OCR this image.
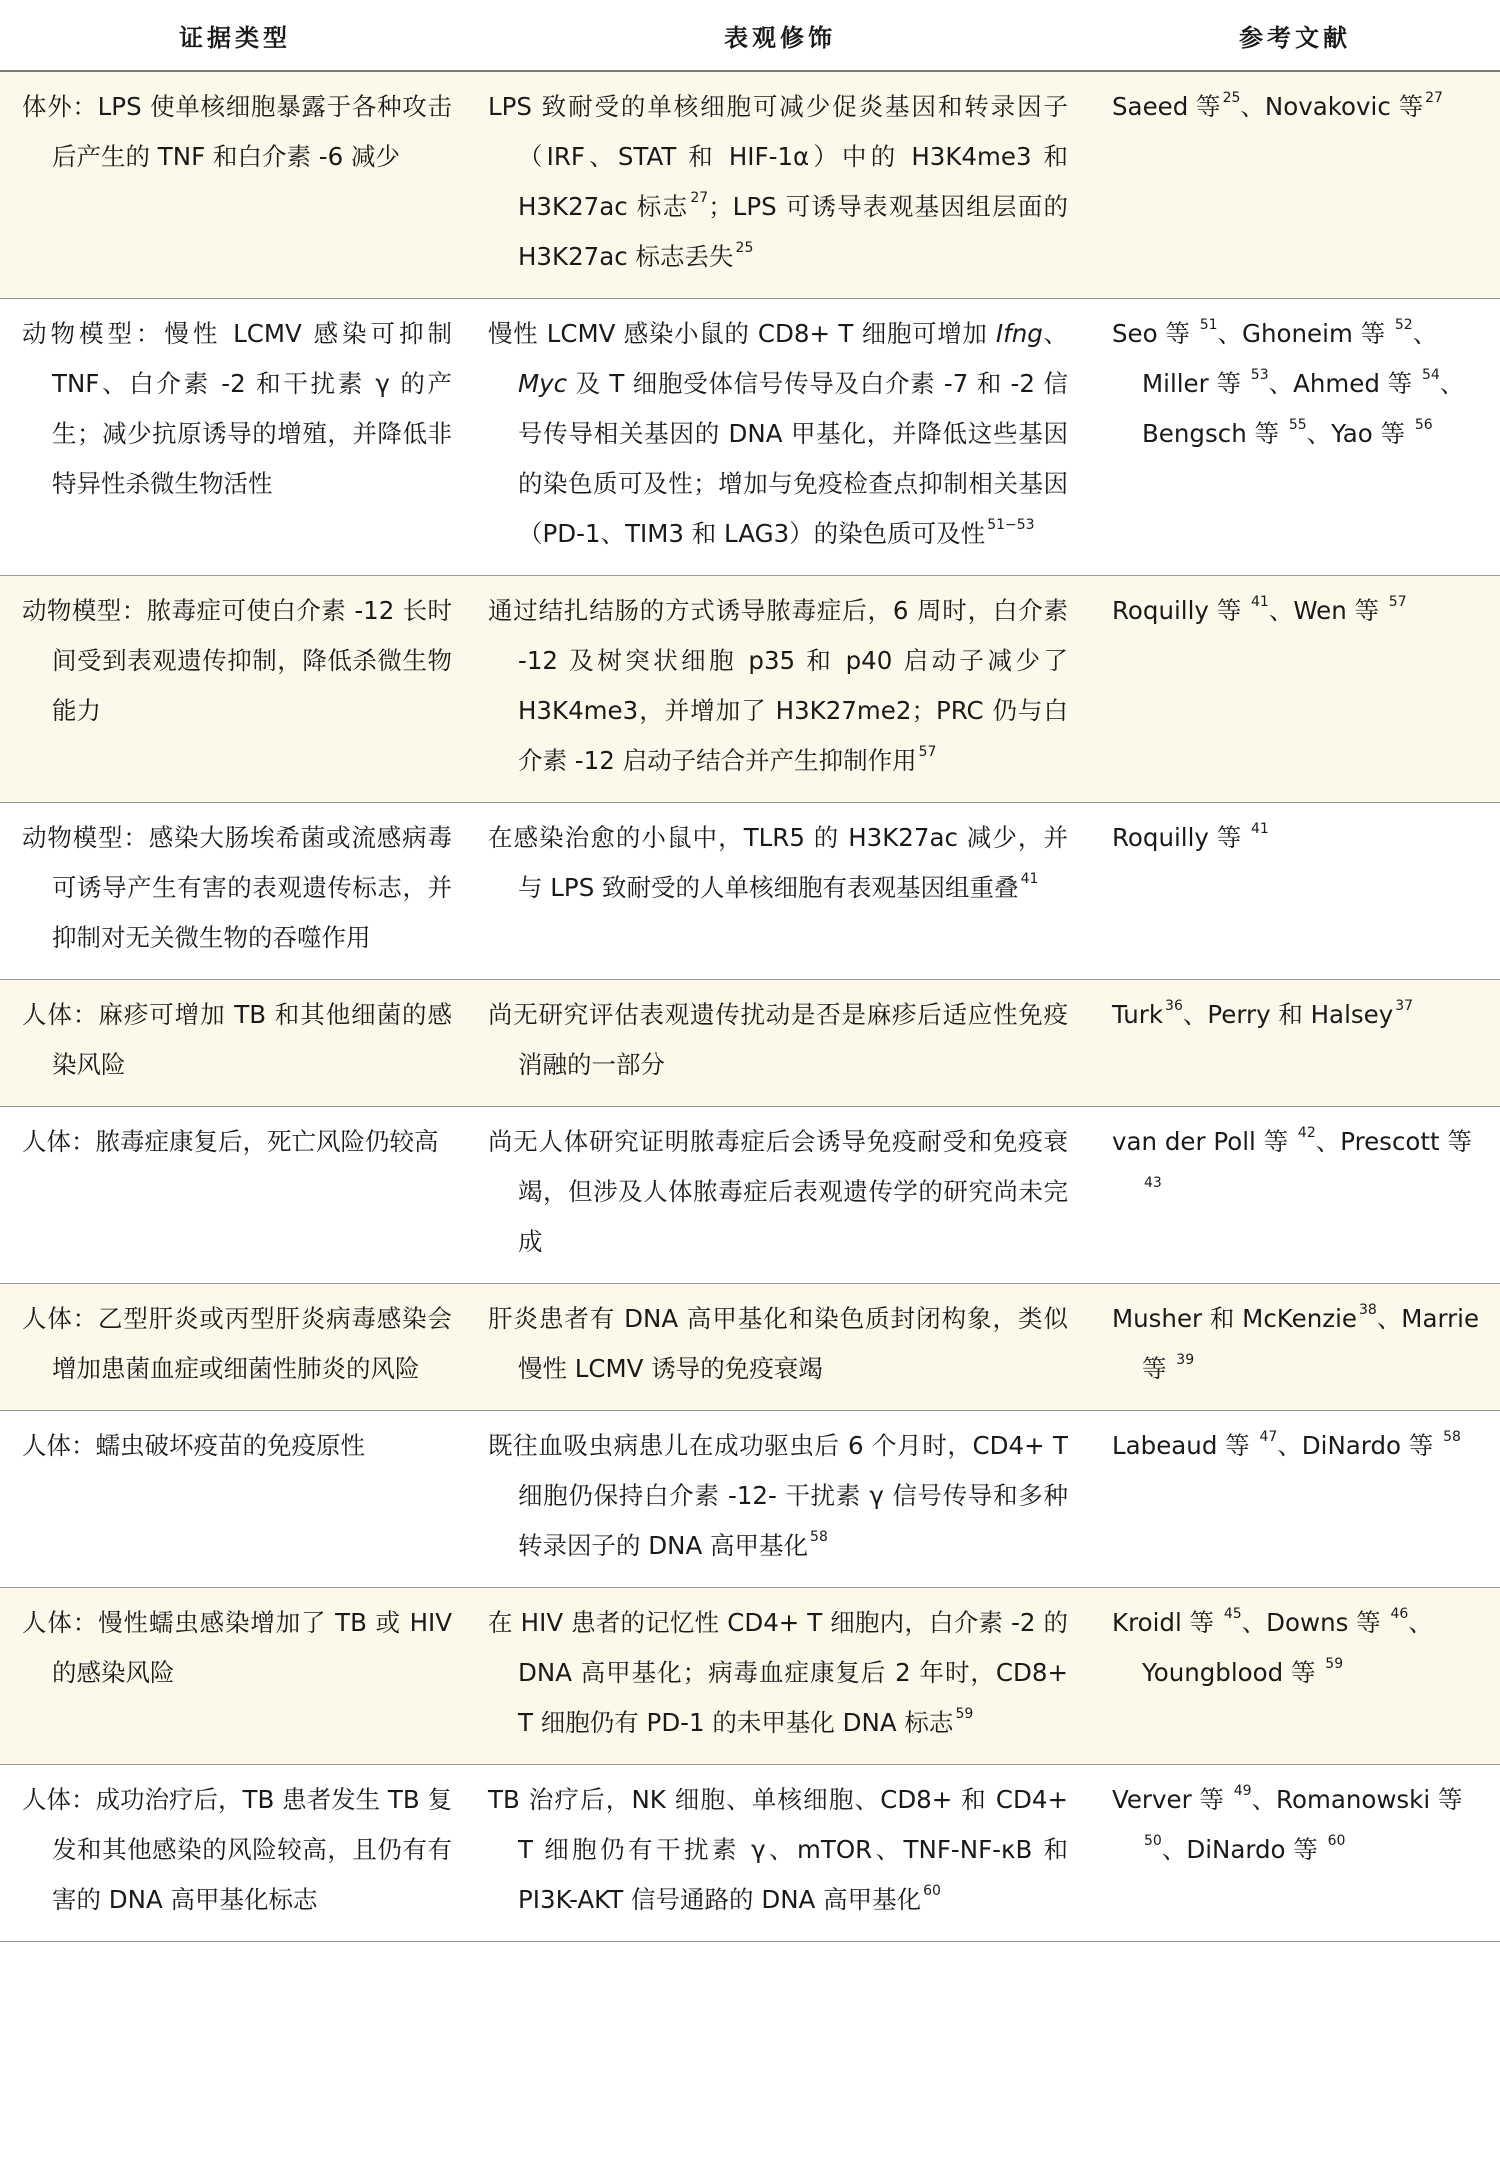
证据类型	表观修饰	参考文献

体外：LPS 使单核细胞暴露于各种攻击后产生的 TNF 和白介素 -6 减少	LPS 致耐受的单核细胞可减少促炎基因和转录因子（IRF、STAT 和 HIF-1α）中的 H3K4me3 和 H3K27ac 标志 $^{27}$；LPS 可诱导表观基因组层面的 H3K27ac 标志丢失 $^{25}$	Saeed 等 $^{25}$、Novakovic 等 $^{27}$

动物模型：慢性 LCMV 感染可抑制 TNF、白介素 -2 和干扰素 γ 的产生；减少抗原诱导的增殖，并降低非特异性杀微生物活性	慢性 LCMV 感染小鼠的 CD8+ T 细胞可增加 Ifng、Myc 及 T 细胞受体信号传导及白介素 -7 和 -2 信号传导相关基因的 DNA 甲基化，并降低这些基因的染色质可及性；增加与免疫检查点抑制相关基因（PD-1、TIM3 和 LAG3）的染色质可及性 $^{51-53}$	Seo 等 $^{51}$、Ghoneim 等 $^{52}$、Miller 等 $^{53}$、Ahmed 等 $^{54}$、Bengsch 等 $^{55}$、Yao 等 $^{56}$

动物模型：脓毒症可使白介素 -12 长时间受到表观遗传抑制，降低杀微生物能力	通过结扎结肠的方式诱导脓毒症后，6 周时，白介素 -12 及树突状细胞 p35 和 p40 启动子减少了 H3K4me3，并增加了 H3K27me2；PRC 仍与白介素 -12 启动子结合并产生抑制作用 $^{57}$	Roquilly 等 $^{41}$、Wen 等 $^{57}$

动物模型：感染大肠埃希菌或流感病毒可诱导产生有害的表观遗传标志，并抑制对无关微生物的吞噬作用	在感染治愈的小鼠中，TLR5 的 H3K27ac 减少，并与 LPS 致耐受的人单核细胞有表观基因组重叠 $^{41}$	Roquilly 等 $^{41}$

人体：麻疹可增加 TB 和其他细菌的感染风险	尚无研究评估表观遗传扰动是否是麻疹后适应性免疫消融的一部分	Turk $^{36}$、Perry 和 Halsey $^{37}$

人体：脓毒症康复后，死亡风险仍较高	尚无人体研究证明脓毒症后会诱导免疫耐受和免疫衰竭，但涉及人体脓毒症后表观遗传学的研究尚未完成	van der Poll 等 $^{42}$、Prescott 等 $^{43}$

人体：乙型肝炎或丙型肝炎病毒感染会增加患菌血症或细菌性肺炎的风险	肝炎患者有 DNA 高甲基化和染色质封闭构象，类似慢性 LCMV 诱导的免疫衰竭	Musher 和 McKenzie $^{38}$、Marrie 等 $^{39}$

人体：蠕虫破坏疫苗的免疫原性	既往血吸虫病患儿在成功驱虫后 6 个月时，CD4+ T 细胞仍保持白介素 -12- 干扰素 γ 信号传导和多种转录因子的 DNA 高甲基化 $^{58}$	Labeaud 等 $^{47}$、DiNardo 等 $^{58}$

人体：慢性蠕虫感染增加了 TB 或 HIV 的感染风险	在 HIV 患者的记忆性 CD4+ T 细胞内，白介素 -2 的 DNA 高甲基化；病毒血症康复后 2 年时，CD8+ T 细胞仍有 PD-1 的未甲基化 DNA 标志 $^{59}$	Kroidl 等 $^{45}$、Downs 等 $^{46}$、Youngblood 等 $^{59}$

人体：成功治疗后，TB 患者发生 TB 复发和其他感染的风险较高，且仍有有害的 DNA 高甲基化标志	TB 治疗后，NK 细胞、单核细胞、CD8+ 和 CD4+ T 细胞仍有干扰素 γ、mTOR、TNF-NF-κB 和 PI3K-AKT 信号通路的 DNA 高甲基化 $^{60}$	Verver 等 $^{49}$、Romanowski 等 $^{50}$、DiNardo 等 $^{60}$
